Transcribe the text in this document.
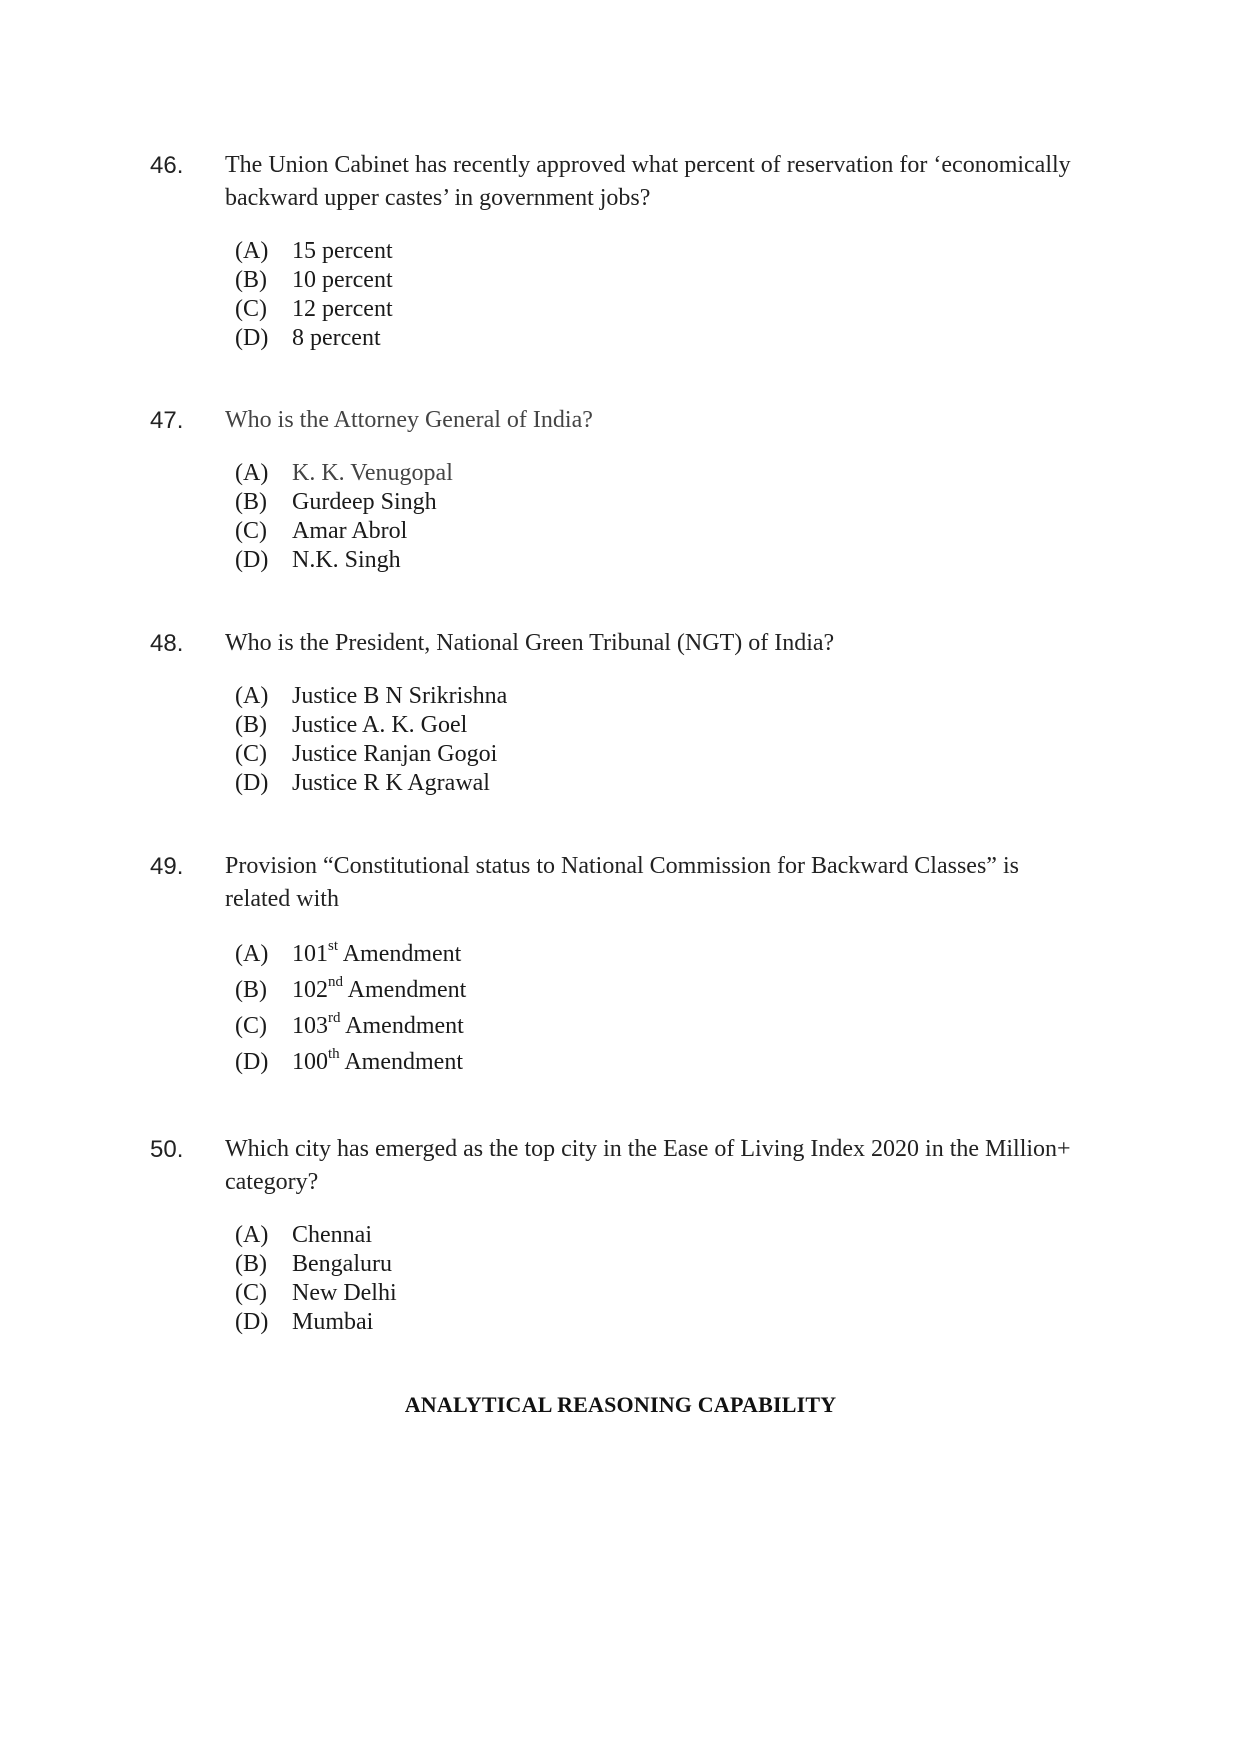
46. The Union Cabinet has recently approved what percent of reservation for ‘economically backward upper castes’ in government jobs?
(A) 15 percent
(B) 10 percent
(C) 12 percent
(D) 8 percent
47. Who is the Attorney General of India?
(A) K. K. Venugopal
(B) Gurdeep Singh
(C) Amar Abrol
(D) N.K. Singh
48. Who is the President, National Green Tribunal (NGT) of India?
(A) Justice B N Srikrishna
(B) Justice A. K. Goel
(C) Justice Ranjan Gogoi
(D) Justice R K Agrawal
49. Provision “Constitutional status to National Commission for Backward Classes” is related with
(A) 101st Amendment
(B) 102nd Amendment
(C) 103rd Amendment
(D) 100th Amendment
50. Which city has emerged as the top city in the Ease of Living Index 2020 in the Million+ category?
(A) Chennai
(B) Bengaluru
(C) New Delhi
(D) Mumbai
ANALYTICAL REASONING CAPABILITY
